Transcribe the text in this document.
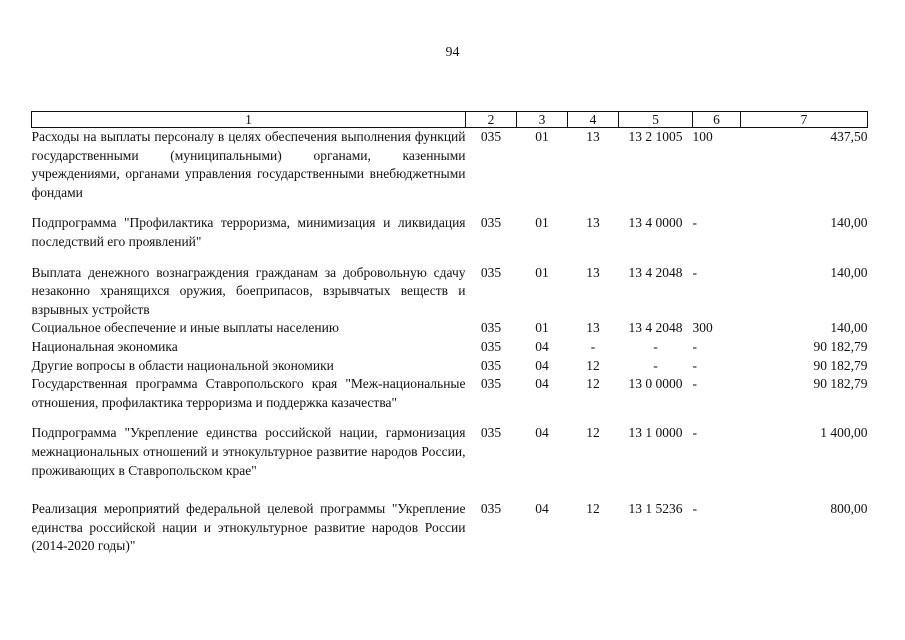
94
1	2	3	4	5	6	7
Расходы на выплаты персоналу в целях обеспечения выполнения функций государственными (муниципальными) органами, казенными учреждениями, органами управления государственными внебюджетными фондами	035	01	13	13 2 1005	100	437,50
Подпрограмма "Профилактика терроризма, минимизация и ликвидация последствий его проявлений"	035	01	13	13 4 0000	-	140,00
Выплата денежного вознаграждения гражданам за добровольную сдачу незаконно хранящихся оружия, боеприпасов, взрывчатых веществ и взрывных устройств	035	01	13	13 4 2048	-	140,00
Социальное обеспечение и иные выплаты населению	035	01	13	13 4 2048	300	140,00
Национальная экономика	035	04	-	-	-	90 182,79
Другие вопросы в области национальной экономики	035	04	12	-	-	90 182,79
Государственная программа Ставропольского края "Меж-национальные отношения, профилактика терроризма и поддержка казачества"	035	04	12	13 0 0000	-	90 182,79
Подпрограмма "Укрепление единства российской нации, гармонизация межнациональных отношений и этнокультурное развитие народов России, проживающих в Ставропольском крае"	035	04	12	13 1 0000	-	1 400,00

Реализация мероприятий федеральной целевой программы "Укрепление единства российской нации и этнокультурное развитие народов России (2014-2020 годы)"	035	04	12	13 1 5236	-	800,00
